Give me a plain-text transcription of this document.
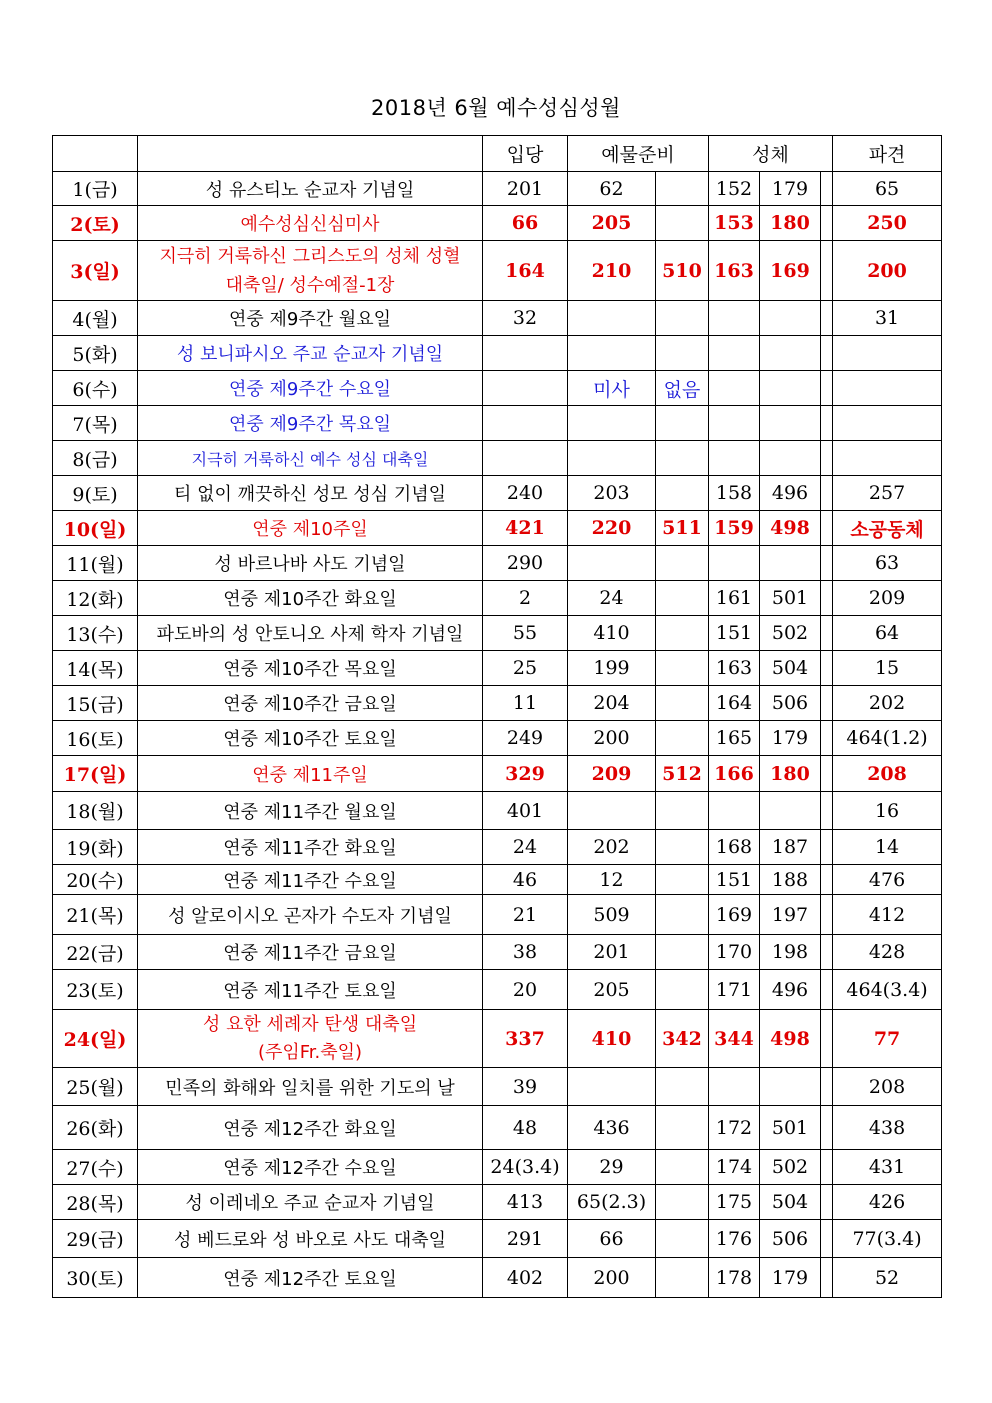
2018년 6월 예수성심성월
		입당	예물준비		성체			파견
1(금)	성 유스티노 순교자 기념일	201	62		152	179		65
2(토)	예수성심신심미사	66	205		153	180		250
3(일)	지극히 거룩하신 그리스도의 성체 성혈
대축일/ 성수예절-1장	164	210	510	163	169		200
4(월)	연중 제9주간 월요일	32						31
5(화)	성 보니파시오 주교 순교자 기념일							
6(수)	연중 제9주간 수요일		미사	없음				
7(목)	연중 제9주간 목요일							
8(금)	지극히 거룩하신 예수 성심 대축일							
9(토)	티 없이 깨끗하신 성모 성심 기념일	240	203		158	496		257
10(일)	연중 제10주일	421	220	511	159	498		소공동체
11(월)	성 바르나바 사도 기념일	290						63
12(화)	연중 제10주간 화요일	2	24		161	501		209
13(수)	파도바의 성 안토니오 사제 학자 기념일	55	410		151	502		64
14(목)	연중 제10주간 목요일	25	199		163	504		15
15(금)	연중 제10주간 금요일	11	204		164	506		202
16(토)	연중 제10주간 토요일	249	200		165	179		464(1.2)
17(일)	연중 제11주일	329	209	512	166	180		208
18(월)	연중 제11주간 월요일	401						16
19(화)	연중 제11주간 화요일	24	202		168	187		14
20(수)	연중 제11주간 수요일	46	12		151	188		476
21(목)	성 알로이시오 곤자가 수도자 기념일	21	509		169	197		412
22(금)	연중 제11주간 금요일	38	201		170	198		428
23(토)	연중 제11주간 토요일	20	205		171	496		464(3.4)
24(일)	성 요한 세례자 탄생 대축일
(주임Fr.축일)	337	410	342	344	498		77
25(월)	민족의 화해와 일치를 위한 기도의 날	39						208
26(화)	연중 제12주간 화요일	48	436		172	501		438
27(수)	연중 제12주간 수요일	24(3.4)	29		174	502		431
28(목)	성 이레네오 주교 순교자 기념일	413	65(2.3)		175	504		426
29(금)	성 베드로와 성 바오로 사도 대축일	291	66		176	506		77(3.4)
30(토)	연중 제12주간 토요일	402	200		178	179		52
